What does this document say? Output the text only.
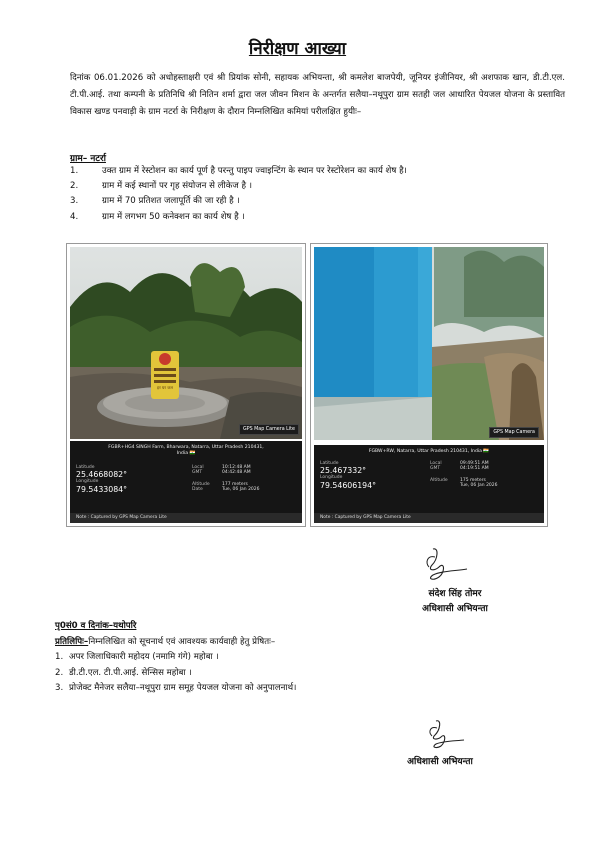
निरीक्षण आख्या
दिनांक 06.01.2026 को अधोहस्ताक्षरी एवं श्री प्रियांक सोनी, सहायक अभियन्ता, श्री कमलेश बाजपेयी, जूनियर इंजीनियर, श्री अशफाक खान, डी.टी.एल. टी.पी.आई. तथा कम्पनी के प्रतिनिधि श्री नितिन शर्मा द्वारा जल जीवन मिशन के अन्तर्गत सलैया–नथूपुरा ग्राम सतही जल आधारित पेयजल योजना के प्रस्तावित विकास खण्ड पनवाड़ी के ग्राम नटर्रा के निरीक्षण के दौरान निम्नलिखित कमियां परीलक्षित हुयीः–
ग्राम– नटर्रा
1.	उक्त ग्राम में रेस्टोशन का कार्य पूर्ण है परन्तु पाइप ज्वाइन्टिंग के स्थान पर रेस्टोरेशन का कार्य शेष है।
2.	ग्राम में कई स्थानों पर गृह संयोजन से लीकेज है ।
3.	ग्राम में 70 प्रतिशत जलापूर्ति की जा रही है ।
4.	ग्राम में लगभग 50 कनेक्शन का कार्य शेष है ।
हर घर जल
GPS Map Camera Lite
FGBR+HG4 SINGH Farm, Bharwara, Natarra, Uttar Pradesh 210431,
India 🇮🇳
Latitude
25.4668082°
Longitude
79.5433084°
Local	10:12:48 AM
GMT	04:42:48 AM
Altitude	177 meters
Date	Tue, 06 Jan 2026
Note : Captured by GPS Map Camera Lite
GPS Map Camera
FGBW+RW, Natarra, Uttar Pradesh 210431, India 🇮🇳
Latitude
25.467332°
Longitude
79.54606194°
Local	09:49:51 AM
GMT	04:19:51 AM
Altitude	175 meters
Tue, 06 Jan 2026
Note : Captured by GPS Map Camera Lite
संदेश सिंह तोमर
अधिशासी अभियन्ता
पृ0सं0 व दिनांक–यथोपरि
प्रतिलिपिः–निम्नलिखित को सूचनार्थ एवं आवश्यक कार्यवाही हेतु प्रेषितः–
1. अपर जिलाधिकारी महोदय (नमामि गंगे) महोबा ।
2. डी.टी.एल. टी.पी.आई. सेन्सिस महोबा ।
3. प्रोजेक्ट मैनेजर सलैया–नथूपुरा ग्राम समूह पेयजल योजना को अनुपालनार्थ।
अधिशासी अभियन्ता
